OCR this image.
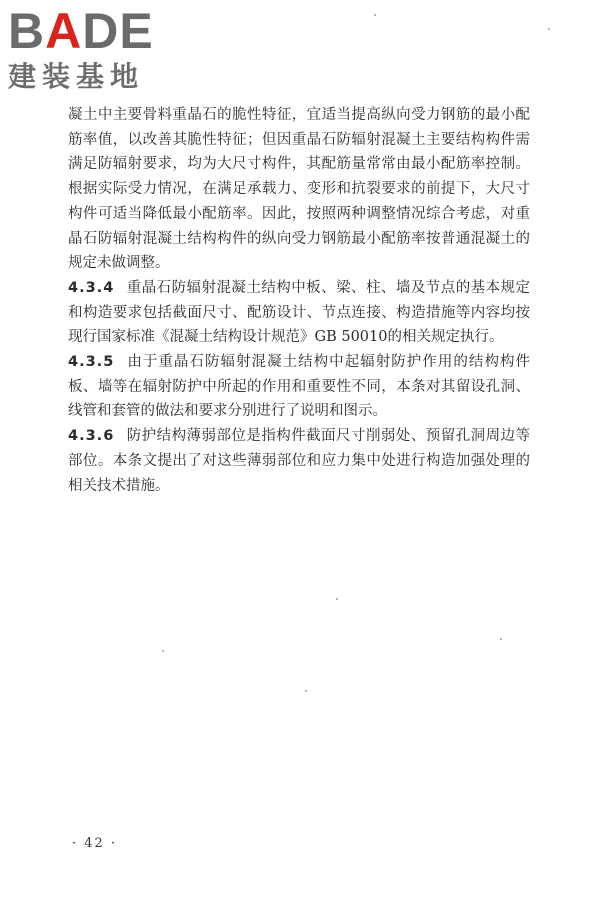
BADE
建装基地

凝土中主要骨料重晶石的脆性特征，宜适当提高纵向受力钢筋的最小配筋率值，以改善其脆性特征；但因重晶石防辐射混凝土主要结构构件需满足防辐射要求，均为大尺寸构件，其配筋量常常由最小配筋率控制。根据实际受力情况，在满足承载力、变形和抗裂要求的前提下，大尺寸构件可适当降低最小配筋率。因此，按照两种调整情况综合考虑，对重晶石防辐射混凝土结构构件的纵向受力钢筋最小配筋率按普通混凝土的规定未做调整。

4.3.4 重晶石防辐射混凝土结构中板、梁、柱、墙及节点的基本规定和构造要求包括截面尺寸、配筋设计、节点连接、构造措施等内容均按现行国家标准《混凝土结构设计规范》GB 50010的相关规定执行。

4.3.5 由于重晶石防辐射混凝土结构中起辐射防护作用的结构构件板、墙等在辐射防护中所起的作用和重要性不同，本条对其留设孔洞、线管和套管的做法和要求分别进行了说明和图示。

4.3.6 防护结构薄弱部位是指构件截面尺寸削弱处、预留孔洞周边等部位。本条文提出了对这些薄弱部位和应力集中处进行构造加强处理的相关技术措施。

· 42 ·
